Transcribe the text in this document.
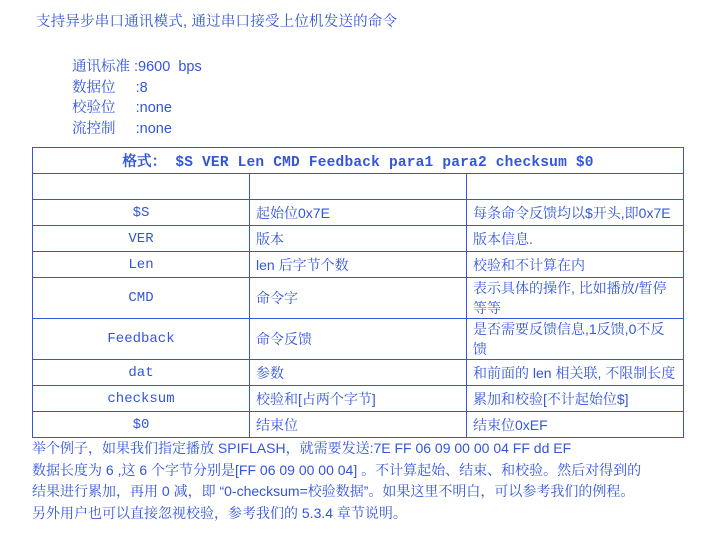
支持异步串口通讯模式, 通过串口接受上位机发送的命令
通讯标准 :9600  bps
数据位     :8
校验位     :none
流控制     :none
格式： $S VER Len CMD Feedback para1 para2 checksum $0		

$S	起始位0x7E	每条命令反馈均以$开头,即0x7E
VER	版本	版本信息.
Len	len 后字节个数	校验和不计算在内
CMD	命令字	表示具体的操作, 比如播放/暂停等等
Feedback	命令反馈	是否需要反馈信息,1反馈,0不反馈
dat	参数	和前面的 len 相关联, 不限制长度
checksum	校验和[占两个字节]	累加和校验[不计起始位$]
$0	结束位	结束位0xEF
举个例子，如果我们指定播放 SPIFLASH，就需要发送:7E FF 06 09 00 00 04 FF dd EF
数据长度为 6 ,这 6 个字节分别是[FF 06 09 00 00 04] 。不计算起始、结束、和校验。然后对得到的
结果进行累加，再用 0 减，即 “0-checksum=校验数据”。如果这里不明白，可以参考我们的例程。
另外用户也可以直接忽视校验，参考我们的 5.3.4 章节说明。
